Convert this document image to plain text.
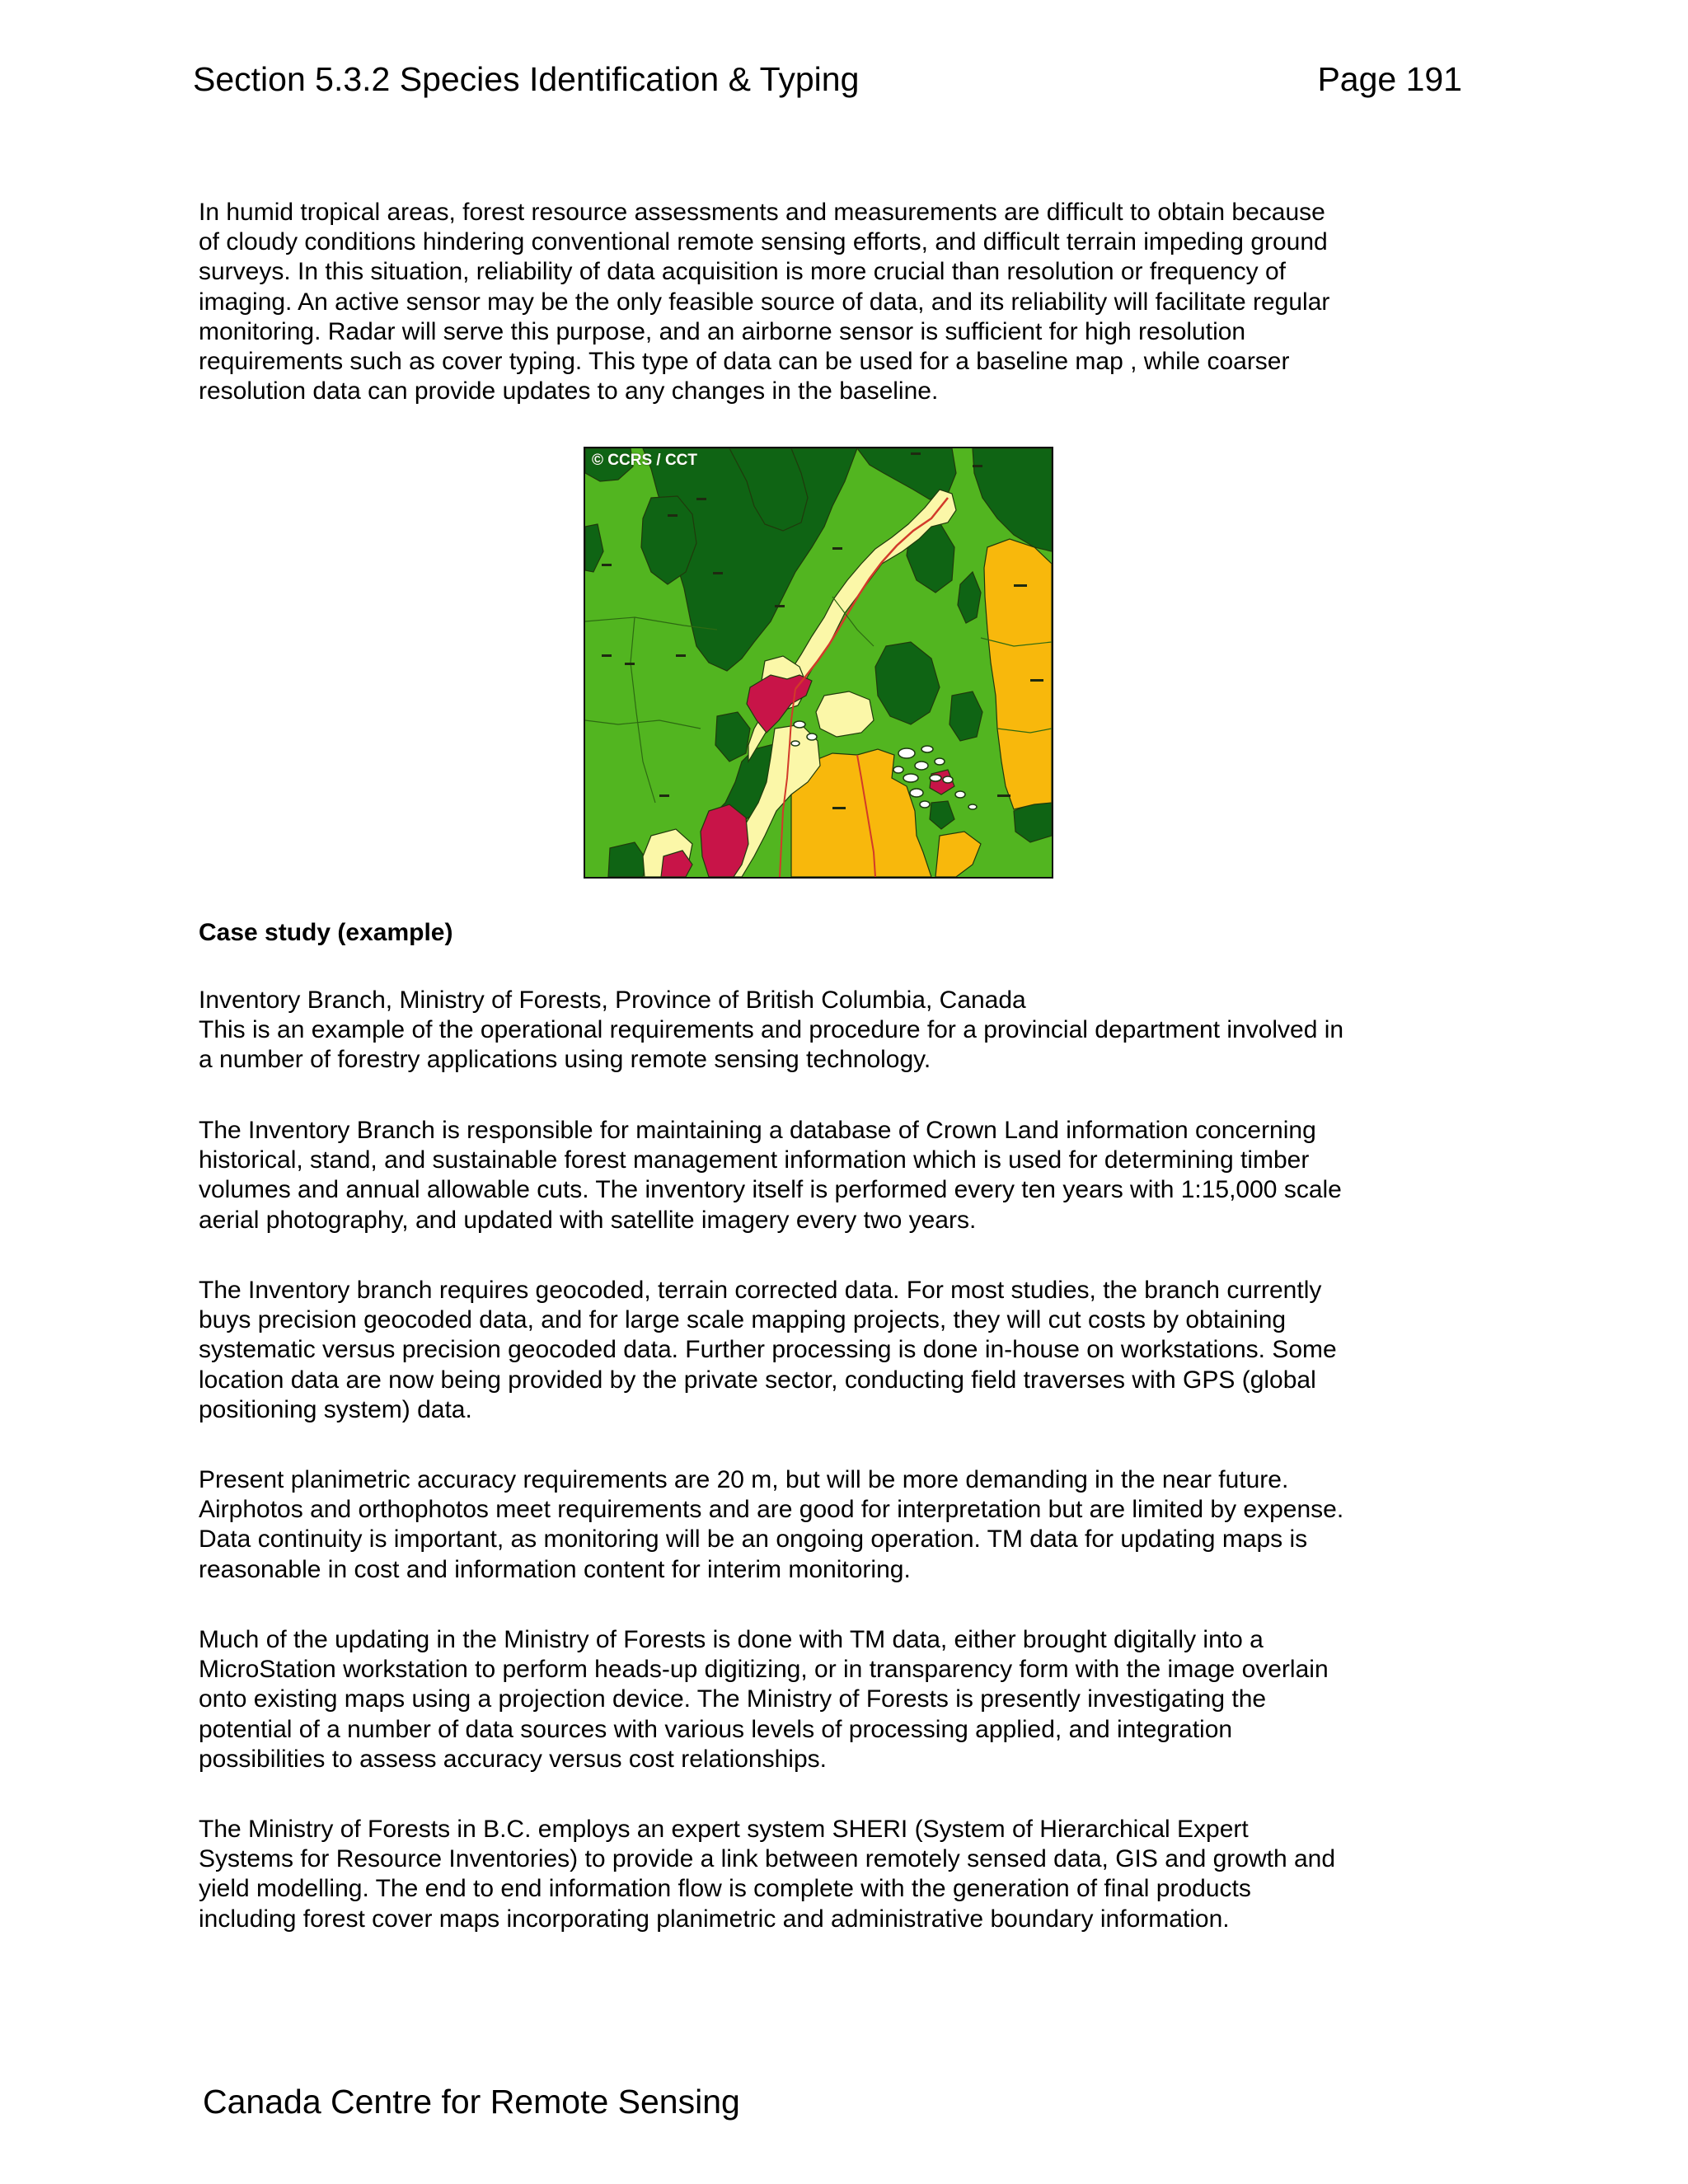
Section 5.3.2 Species Identification & Typing	Page 191
In humid tropical areas, forest resource assessments and measurements are difficult to obtain because
of cloudy conditions hindering conventional remote sensing efforts, and difficult terrain impeding ground
surveys. In this situation, reliability of data acquisition is more crucial than resolution or frequency of
imaging. An active sensor may be the only feasible source of data, and its reliability will facilitate regular
monitoring. Radar will serve this purpose, and an airborne sensor is sufficient for high resolution
requirements such as cover typing. This type of data can be used for a baseline map , while coarser
resolution data can provide updates to any changes in the baseline.
© CCRS / CCT
Case study (example)
Inventory Branch, Ministry of Forests, Province of British Columbia, Canada
This is an example of the operational requirements and procedure for a provincial department involved in
a number of forestry applications using remote sensing technology.
The Inventory Branch is responsible for maintaining a database of Crown Land information concerning
historical, stand, and sustainable forest management information which is used for determining timber
volumes and annual allowable cuts. The inventory itself is performed every ten years with 1:15,000 scale
aerial photography, and updated with satellite imagery every two years.
The Inventory branch requires geocoded, terrain corrected data. For most studies, the branch currently
buys precision geocoded data, and for large scale mapping projects, they will cut costs by obtaining
systematic versus precision geocoded data. Further processing is done in-house on workstations. Some
location data are now being provided by the private sector, conducting field traverses with GPS (global
positioning system) data.
Present planimetric accuracy requirements are 20 m, but will be more demanding in the near future.
Airphotos and orthophotos meet requirements and are good for interpretation but are limited by expense.
Data continuity is important, as monitoring will be an ongoing operation. TM data for updating maps is
reasonable in cost and information content for interim monitoring.
Much of the updating in the Ministry of Forests is done with TM data, either brought digitally into a
MicroStation workstation to perform heads-up digitizing, or in transparency form with the image overlain
onto existing maps using a projection device. The Ministry of Forests is presently investigating the
potential of a number of data sources with various levels of processing applied, and integration
possibilities to assess accuracy versus cost relationships.
The Ministry of Forests in B.C. employs an expert system SHERI (System of Hierarchical Expert
Systems for Resource Inventories) to provide a link between remotely sensed data, GIS and growth and
yield modelling. The end to end information flow is complete with the generation of final products
including forest cover maps incorporating planimetric and administrative boundary information.
Canada Centre for Remote Sensing
